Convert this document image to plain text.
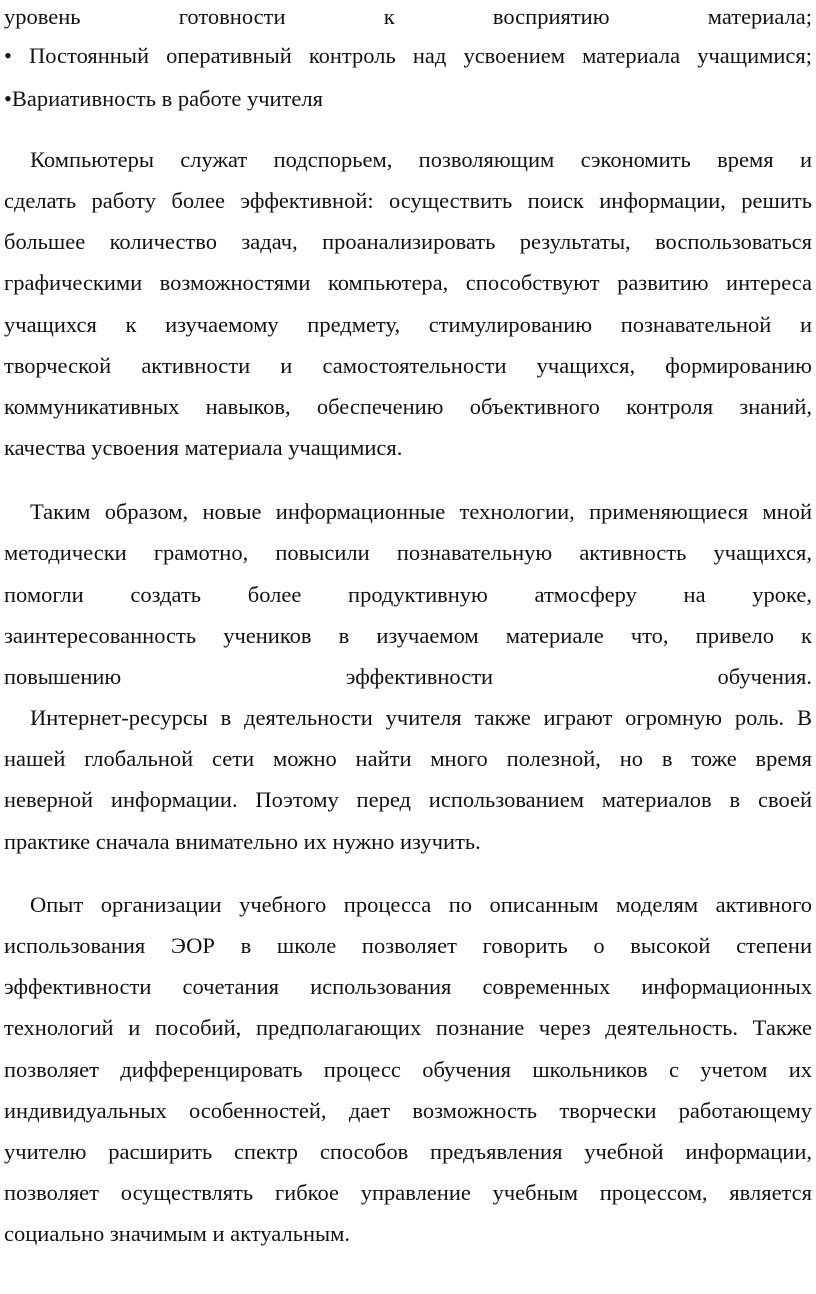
уровень готовности к восприятию материала;
• Постоянный оперативный контроль над усвоением материала учащимися;
•Вариативность в работе учителя
Компьютеры служат подспорьем, позволяющим сэкономить время и
сделать работу более эффективной: осуществить поиск информации, решить
большее количество задач, проанализировать результаты, воспользоваться
графическими возможностями компьютера, способствуют развитию интереса
учащихся к изучаемому предмету, стимулированию познавательной и
творческой активности и самостоятельности учащихся, формированию
коммуникативных навыков, обеспечению объективного контроля знаний,
качества усвоения материала учащимися.
Таким образом, новые информационные технологии, применяющиеся мной
методически грамотно, повысили познавательную активность учащихся,
помогли создать более продуктивную атмосферу на уроке,
заинтересованность учеников в изучаемом материале что, привело к
повышению эффективности обучения.
Интернет-ресурсы в деятельности учителя также играют огромную роль. В
нашей глобальной сети можно найти много полезной, но в тоже время
неверной информации. Поэтому перед использованием материалов в своей
практике сначала внимательно их нужно изучить.
Опыт организации учебного процесса по описанным моделям активного
использования ЭОР в школе позволяет говорить о высокой степени
эффективности сочетания использования современных информационных
технологий и пособий, предполагающих познание через деятельность. Также
позволяет дифференцировать процесс обучения школьников с учетом их
индивидуальных особенностей, дает возможность творчески работающему
учителю расширить спектр способов предъявления учебной информации,
позволяет осуществлять гибкое управление учебным процессом, является
социально значимым и актуальным.
